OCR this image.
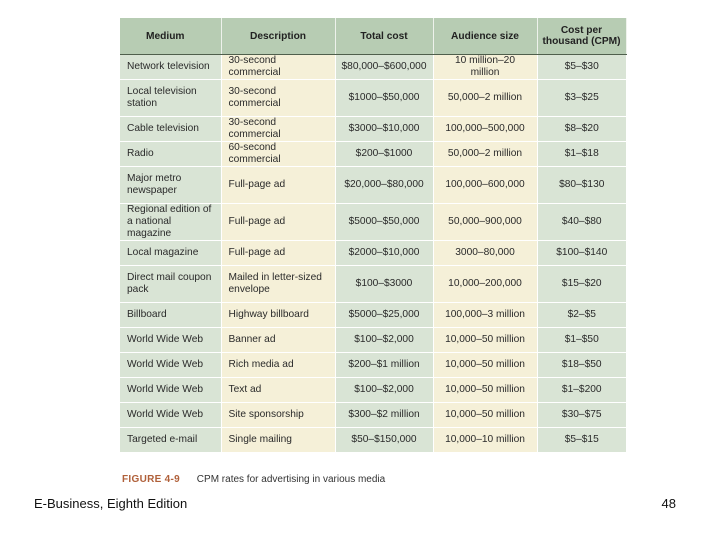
Medium	Description	Total cost	Audience size	Cost per thousand (CPM)
Network television	30-second commercial	$80,000–$600,000	10 million–20 million	$5–$30
Local television station	30-second commercial	$1000–$50,000	50,000–2 million	$3–$25
Cable television	30-second commercial	$3000–$10,000	100,000–500,000	$8–$20
Radio	60-second commercial	$200–$1000	50,000–2 million	$1–$18
Major metro newspaper	Full-page ad	$20,000–$80,000	100,000–600,000	$80–$130
Regional edition of a national magazine	Full-page ad	$5000–$50,000	50,000–900,000	$40–$80
Local magazine	Full-page ad	$2000–$10,000	3000–80,000	$100–$140
Direct mail coupon pack	Mailed in letter-sized envelope	$100–$3000	10,000–200,000	$15–$20
Billboard	Highway billboard	$5000–$25,000	100,000–3 million	$2–$5
World Wide Web	Banner ad	$100–$2,000	10,000–50 million	$1–$50
World Wide Web	Rich media ad	$200–$1 million	10,000–50 million	$18–$50
World Wide Web	Text ad	$100–$2,000	10,000–50 million	$1–$200
World Wide Web	Site sponsorship	$300–$2 million	10,000–50 million	$30–$75
Targeted e-mail	Single mailing	$50–$150,000	10,000–10 million	$5–$15
FIGURE 4-9 CPM rates for advertising in various media
E-Business, Eighth Edition	48
